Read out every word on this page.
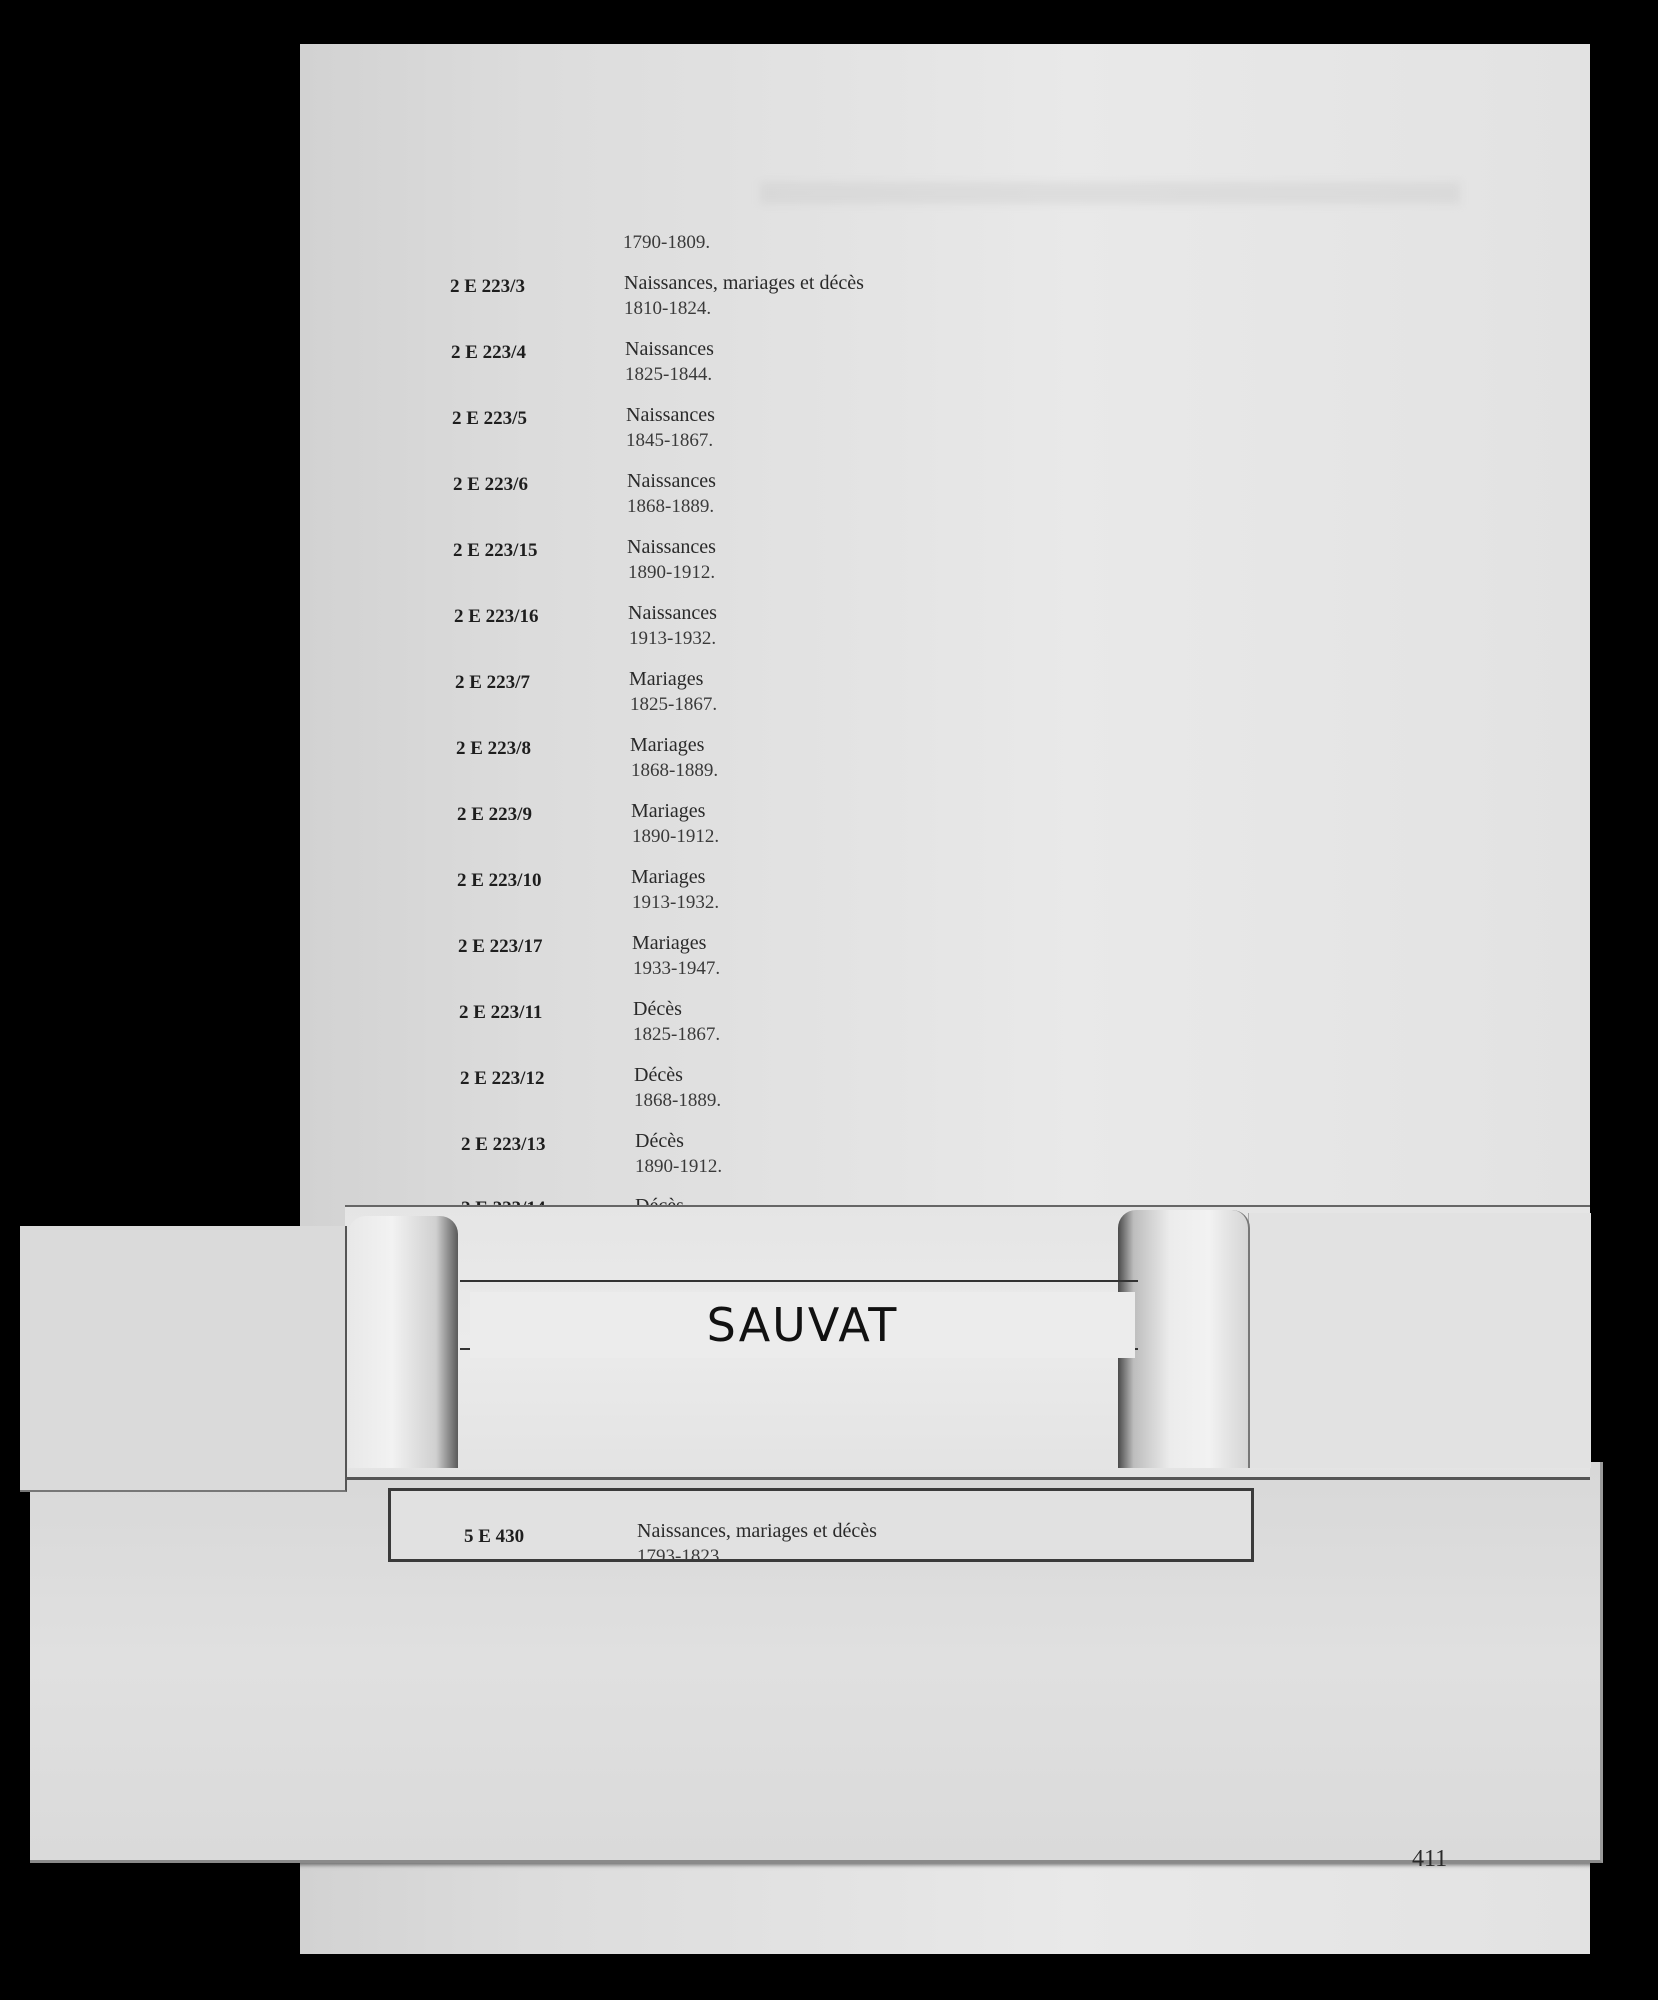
1790-1809.
2 E 223/3	Naissances, mariages et décès
1810-1824.
2 E 223/4	Naissances
1825-1844.
2 E 223/5	Naissances
1845-1867.
2 E 223/6	Naissances
1868-1889.
2 E 223/15	Naissances
1890-1912.
2 E 223/16	Naissances
1913-1932.
2 E 223/7	Mariages
1825-1867.
2 E 223/8	Mariages
1868-1889.
2 E 223/9	Mariages
1890-1912.
2 E 223/10	Mariages
1913-1932.
2 E 223/17	Mariages
1933-1947.
2 E 223/11	Décès
1825-1867.
2 E 223/12	Décès
1868-1889.
2 E 223/13	Décès
1890-1912.
SAUVAT
5 E 430	Naissances, mariages et décès
1793-1823.
411
